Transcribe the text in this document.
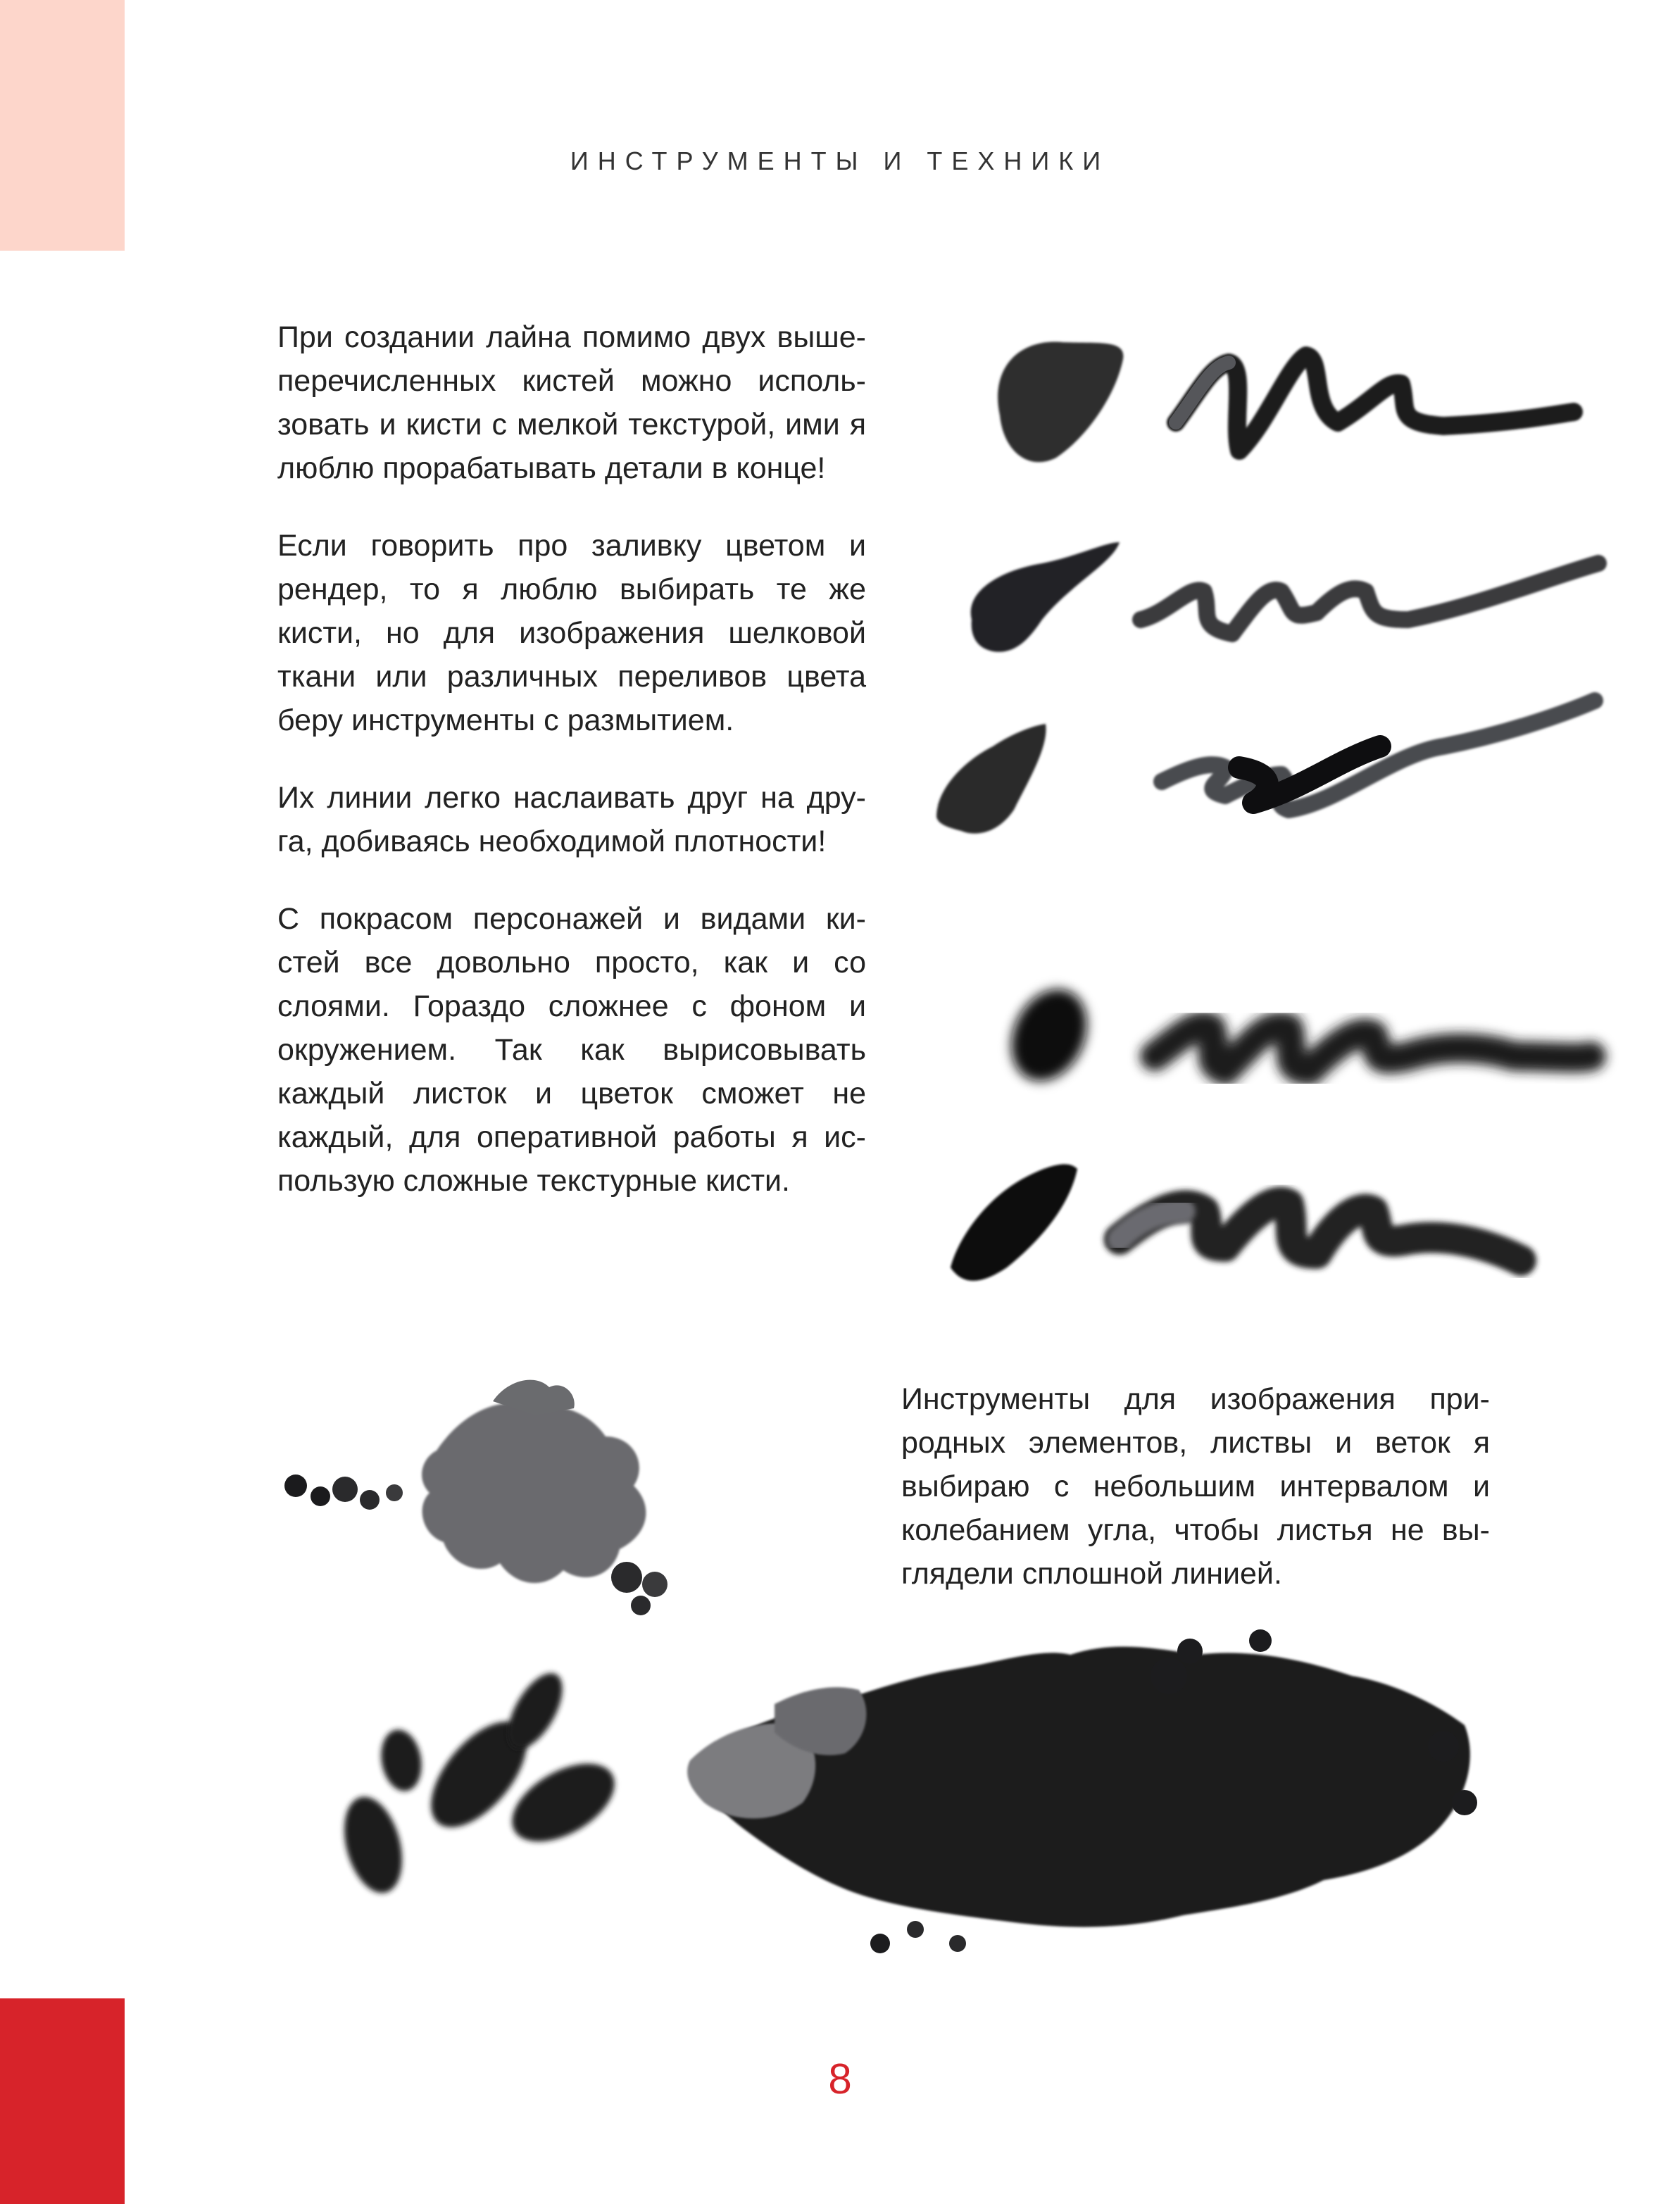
ИНСТРУМЕНТЫ И ТЕХНИКИ

При создании лайна помимо двух выше-перечисленных кистей можно исполь-зовать и кисти с мелкой текстурой, ими я люблю прорабатывать детали в конце!

Если говорить про заливку цветом и рендер, то я люблю выбирать те же кисти, но для изображения шелковой ткани или различных переливов цвета беру инструменты с размытием.

Их линии легко наслаивать друг на дру-га, добиваясь необходимой плотности!

С покрасом персонажей и видами ки-стей все довольно просто, как и со слоями. Гораздо сложнее с фоном и окружением. Так как вырисовывать каждый листок и цветок сможет не каждый, для оперативной работы я ис-пользую сложные текстурные кисти.

Инструменты для изображения при-родных элементов, листвы и веток я выбираю с небольшим интервалом и колебанием угла, чтобы листья не вы-глядели сплошной линией.

8
